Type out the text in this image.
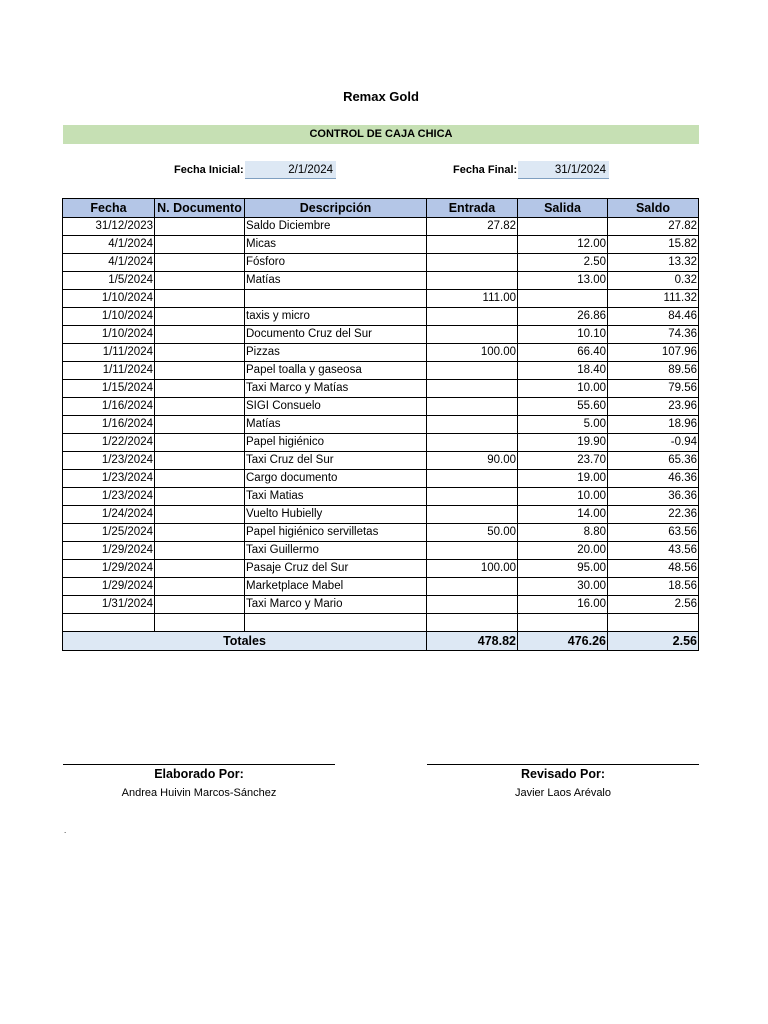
Remax Gold
CONTROL DE CAJA CHICA
Fecha Inicial:	2/1/2024	Fecha Final:	31/1/2024
Fecha	N. Documento	Descripción	Entrada	Salida	Saldo
31/12/2023		Saldo Diciembre	27.82		27.82
4/1/2024		Micas		12.00	15.82
4/1/2024		Fósforo		2.50	13.32
1/5/2024		Matías		13.00	0.32
1/10/2024			111.00		111.32
1/10/2024		taxis y micro		26.86	84.46
1/10/2024		Documento Cruz del Sur		10.10	74.36
1/11/2024		Pizzas	100.00	66.40	107.96
1/11/2024		Papel toalla y gaseosa		18.40	89.56
1/15/2024		Taxi Marco y Matías		10.00	79.56
1/16/2024		SIGI Consuelo		55.60	23.96
1/16/2024		Matías		5.00	18.96
1/22/2024		Papel higiénico		19.90	-0.94
1/23/2024		Taxi Cruz del Sur	90.00	23.70	65.36
1/23/2024		Cargo documento		19.00	46.36
1/23/2024		Taxi Matias		10.00	36.36
1/24/2024		Vuelto Hubielly		14.00	22.36
1/25/2024		Papel higiénico servilletas	50.00	8.80	63.56
1/29/2024		Taxi Guillermo		20.00	43.56
1/29/2024		Pasaje Cruz del Sur	100.00	95.00	48.56
1/29/2024		Marketplace Mabel		30.00	18.56
1/31/2024		Taxi Marco y Mario		16.00	2.56

Totales			478.82	476.26	2.56
Elaborado Por:
Andrea Huivin Marcos-Sánchez
Revisado Por:
Javier Laos Arévalo
.
